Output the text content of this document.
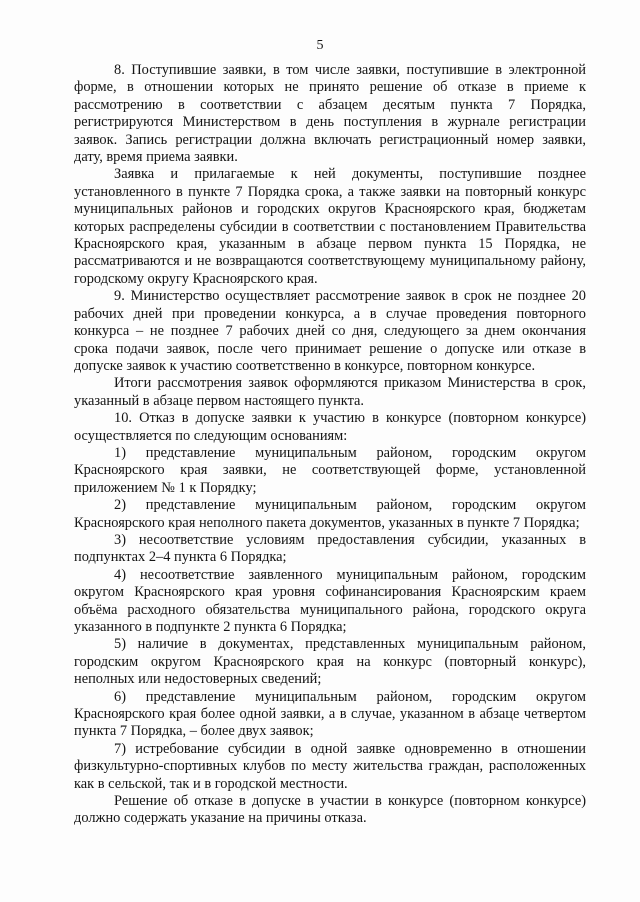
5

8. Поступившие заявки, в том числе заявки, поступившие в электронной форме, в отношении которых не принято решение об отказе в приеме к рассмотрению в соответствии с абзацем десятым пункта 7 Порядка, регистрируются Министерством в день поступления в журнале регистрации заявок. Запись регистрации должна включать регистрационный номер заявки, дату, время приема заявки.

Заявка и прилагаемые к ней документы, поступившие позднее установленного в пункте 7 Порядка срока, а также заявки на повторный конкурс муниципальных районов и городских округов Красноярского края, бюджетам которых распределены субсидии в соответствии с постановлением Правительства Красноярского края, указанным в абзаце первом пункта 15 Порядка, не рассматриваются и не возвращаются соответствующему муниципальному району, городскому округу Красноярского края.

9. Министерство осуществляет рассмотрение заявок в срок не позднее 20 рабочих дней при проведении конкурса, а в случае проведения повторного конкурса – не позднее 7 рабочих дней со дня, следующего за днем окончания срока подачи заявок, после чего принимает решение о допуске или отказе в допуске заявок к участию соответственно в конкурсе, повторном конкурсе.

Итоги рассмотрения заявок оформляются приказом Министерства в срок, указанный в абзаце первом настоящего пункта.

10. Отказ в допуске заявки к участию в конкурсе (повторном конкурсе) осуществляется по следующим основаниям:

1) представление муниципальным районом, городским округом Красноярского края заявки, не соответствующей форме, установленной приложением № 1 к Порядку;

2) представление муниципальным районом, городским округом Красноярского края неполного пакета документов, указанных в пункте 7 Порядка;

3) несоответствие условиям предоставления субсидии, указанных в подпунктах 2–4 пункта 6 Порядка;

4) несоответствие заявленного муниципальным районом, городским округом Красноярского края уровня софинансирования Красноярским краем объёма расходного обязательства муниципального района, городского округа указанного в подпункте 2 пункта 6 Порядка;

5) наличие в документах, представленных муниципальным районом, городским округом Красноярского края на конкурс (повторный конкурс), неполных или недостоверных сведений;

6) представление муниципальным районом, городским округом Красноярского края более одной заявки, а в случае, указанном в абзаце четвертом пункта 7 Порядка, – более двух заявок;

7) истребование субсидии в одной заявке одновременно в отношении физкультурно-спортивных клубов по месту жительства граждан, расположенных как в сельской, так и в городской местности.

Решение об отказе в допуске в участии в конкурсе (повторном конкурсе) должно содержать указание на причины отказа.
